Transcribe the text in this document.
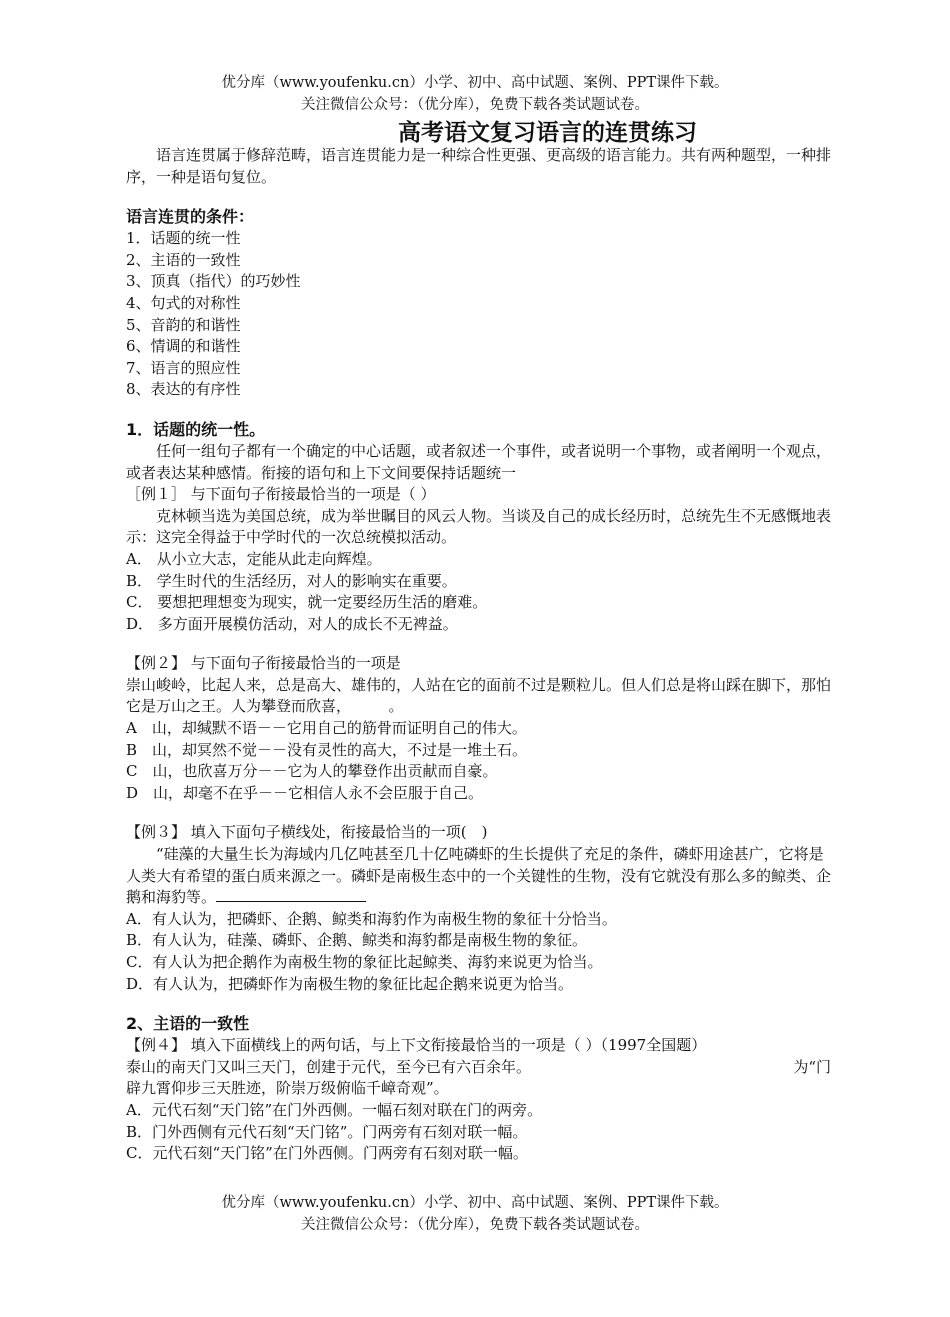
优分库（www.youfenku.cn）小学、初中、高中试题、案例、PPT课件下载。
关注微信公众号：（优分库），免费下载各类试题试卷。
高考语文复习语言的连贯练习

语言连贯属于修辞范畴，语言连贯能力是一种综合性更强、更高级的语言能力。共有两种题型，一种排序，一种是语句复位。

语言连贯的条件：

1．话题的统一性

2、主语的一致性

3、顶真（指代）的巧妙性

4、句式的对称性

5、音韵的和谐性

6、情调的和谐性

7、语言的照应性

8、表达的有序性

1．话题的统一性。

任何一组句子都有一个确定的中心话题，或者叙述一个事件，或者说明一个事物，或者阐明一个观点，或者表达某种感情。衔接的语句和上下文间要保持话题统一

［例１］ 与下面句子衔接最恰当的一项是（ ）

克林顿当选为美国总统，成为举世瞩目的风云人物。当谈及自己的成长经历时，总统先生不无感慨地表示：这完全得益于中学时代的一次总统模拟活动。

A． 从小立大志，定能从此走向辉煌。

B． 学生时代的生活经历，对人的影响实在重要。

C． 要想把理想变为现实，就一定要经历生活的磨难。

D． 多方面开展模仿活动，对人的成长不无裨益。

【例２】 与下面句子衔接最恰当的一项是

崇山峻岭，比起人来，总是高大、雄伟的，人站在它的面前不过是颗粒儿。但人们总是将山踩在脚下，那怕它是万山之王。人为攀登而欣喜，　　　。

A　山，却缄默不语－－它用自己的筋骨而证明自己的伟大。

B　山，却冥然不觉－－没有灵性的高大，不过是一堆土石。

C　山，也欣喜万分－－它为人的攀登作出贡献而自豪。

D　山，却毫不在乎－－它相信人永不会臣服于自己。

【例３】 填入下面句子横线处，衔接最恰当的一项(　)

“硅藻的大量生长为海域内几亿吨甚至几十亿吨磷虾的生长提供了充足的条件，磷虾用途甚广，它将是人类大有希望的蛋白质来源之一。磷虾是南极生态中的一个关键性的生物，没有它就没有那么多的鲸类、企鹅和海豹等。

A．有人认为，把磷虾、企鹅、鲸类和海豹作为南极生物的象征十分恰当。

B．有人认为，硅藻、磷虾、企鹅、鲸类和海豹都是南极生物的象征。

C．有人认为把企鹅作为南极生物的象征比起鲸类、海豹来说更为恰当。

D．有人认为，把磷虾作为南极生物的象征比起企鹅来说更为恰当。

2、主语的一致性

【例４】 填入下面横线上的两句话，与上下文衔接最恰当的一项是（ ）（1997全国题）

泰山的南天门又叫三天门，创建于元代，至今已有六百余年。	为“门

辟九霄仰步三天胜迹，阶崇万级俯临千嶂奇观”。

A．元代石刻“天门铭”在门外西侧。一幅石刻对联在门的两旁。

B．门外西侧有元代石刻“天门铭”。门两旁有石刻对联一幅。

C．元代石刻“天门铭”在门外西侧。门两旁有石刻对联一幅。

优分库（www.youfenku.cn）小学、初中、高中试题、案例、PPT课件下载。
关注微信公众号：（优分库），免费下载各类试题试卷。
